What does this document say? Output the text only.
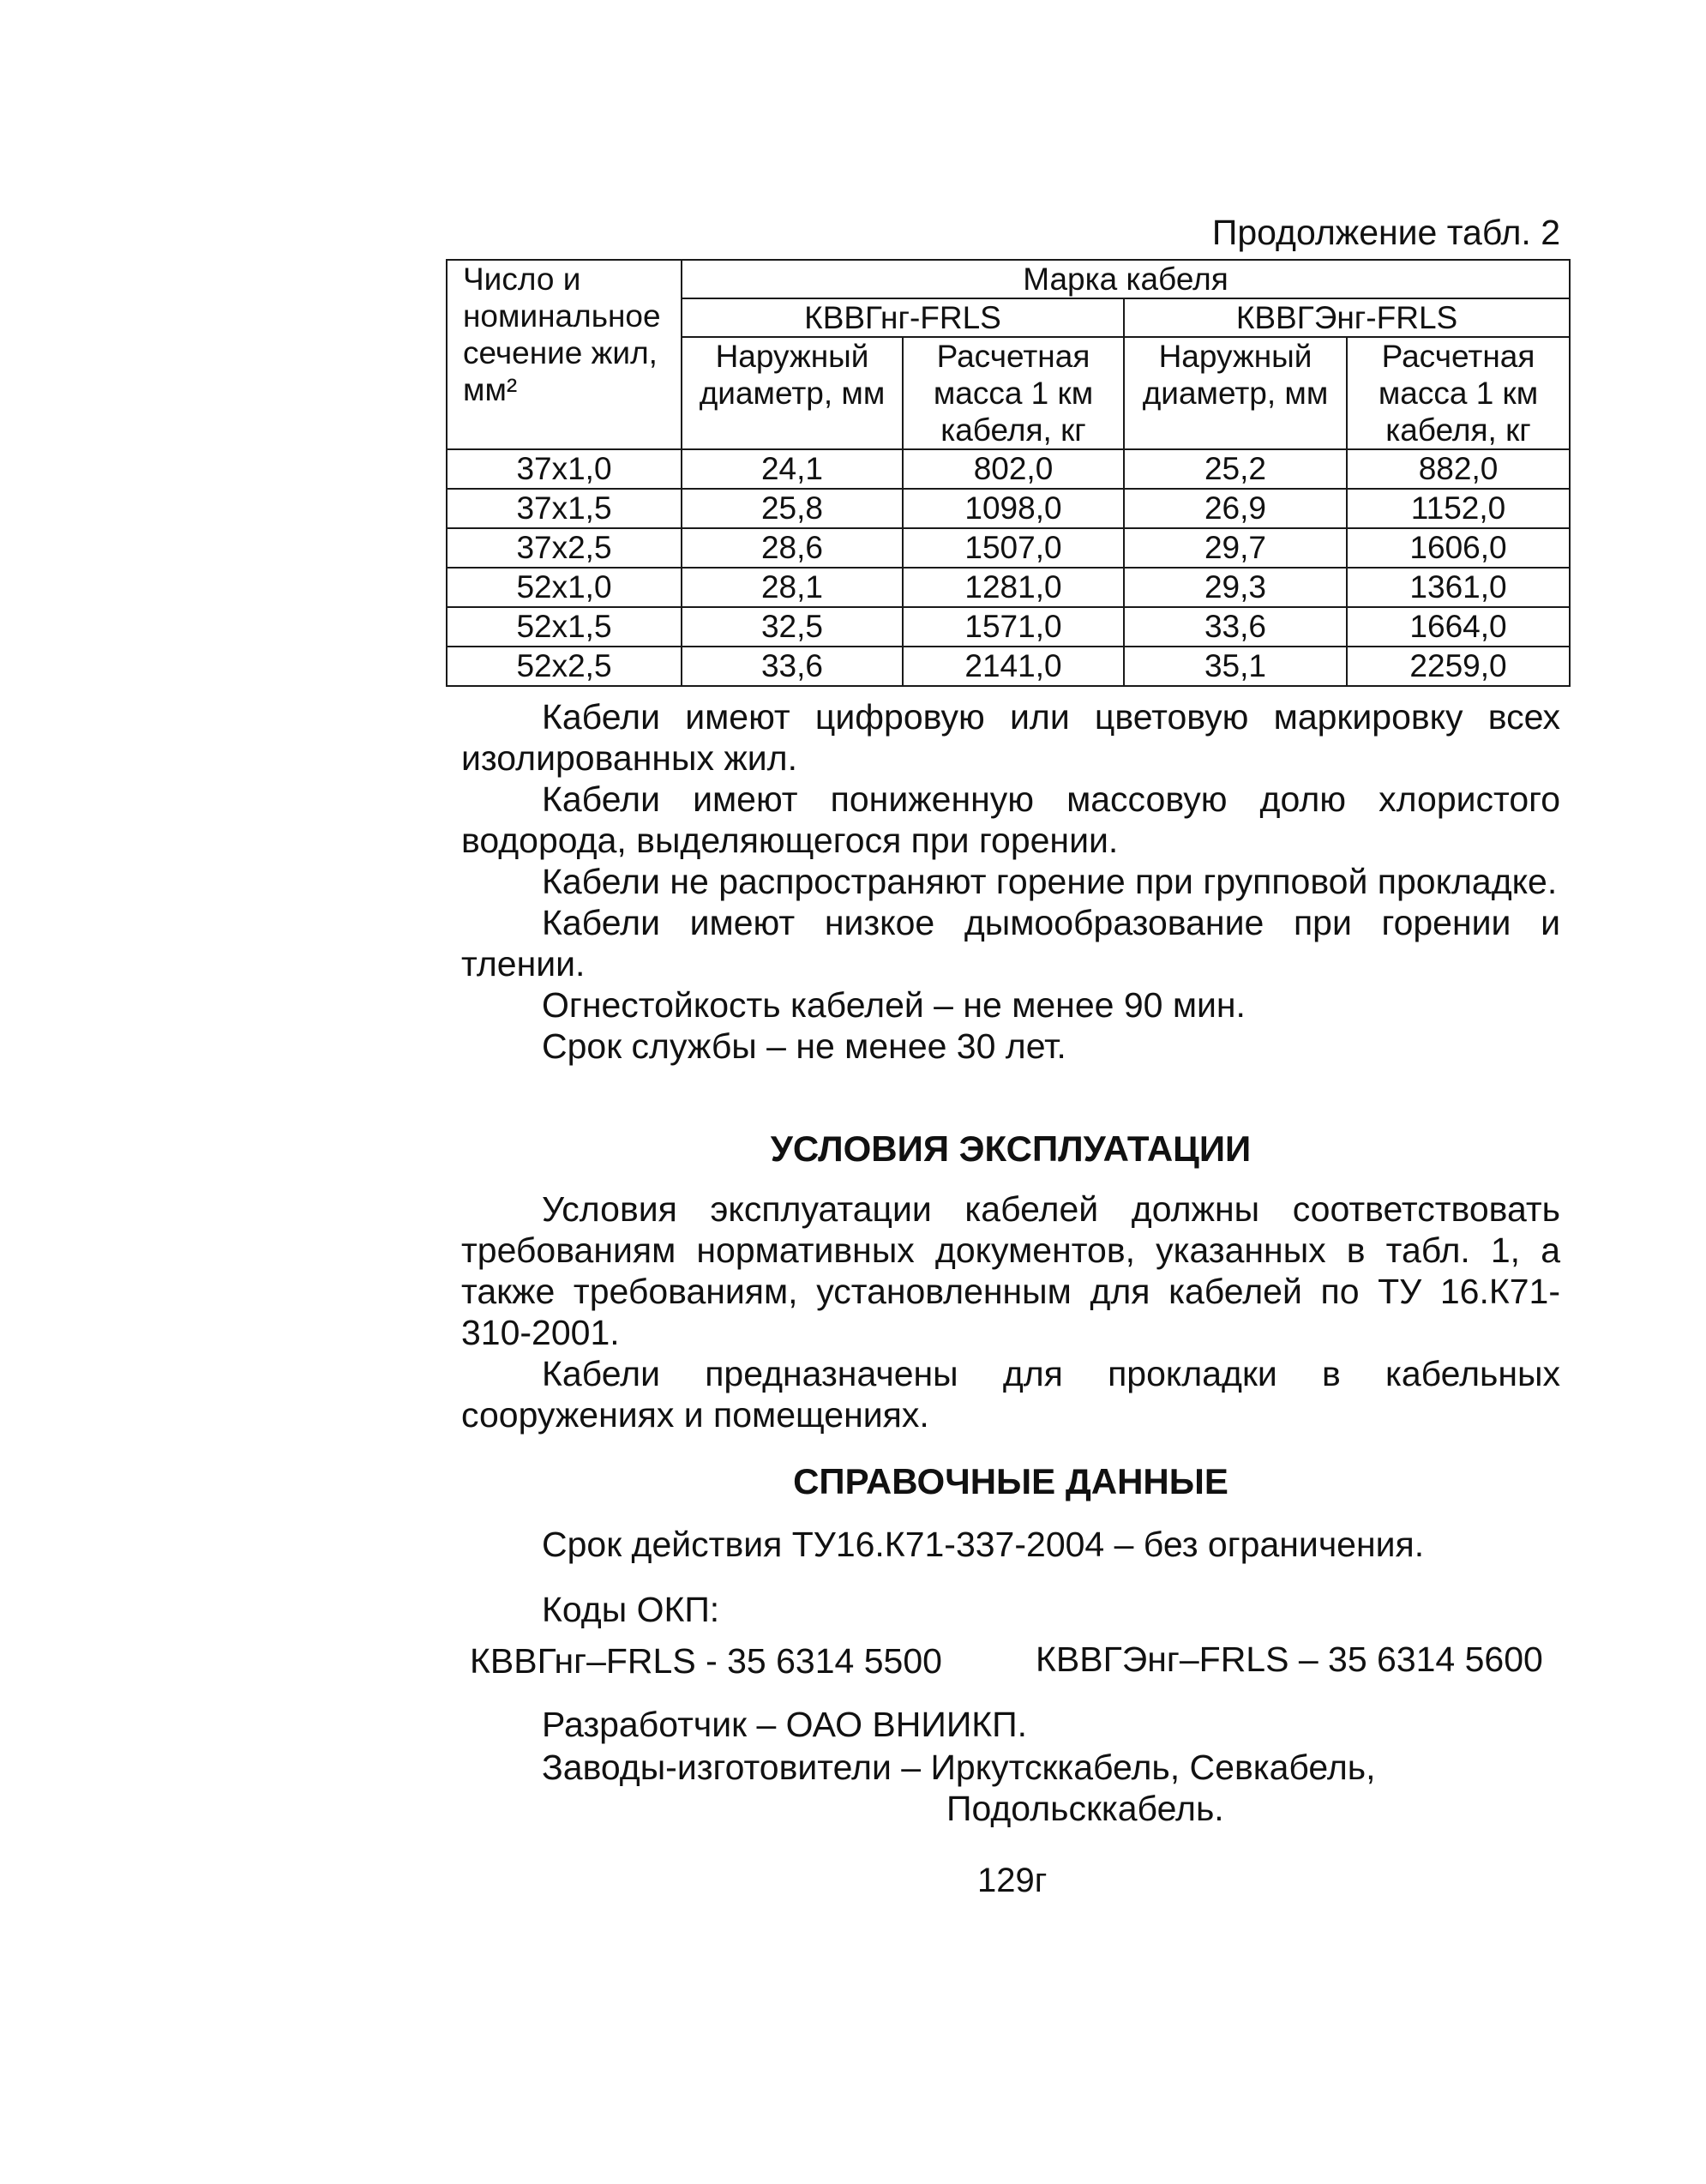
Продолжение табл. 2
Число и номинальное сечение жил, мм²	Марка кабеля			
	КВВГнг-FRLS		КВВГЭнг-FRLS	
	Наружный диаметр, мм	Расчетная масса 1 км кабеля, кг	Наружный диаметр, мм	Расчетная масса 1 км кабеля, кг
37x1,0	24,1	802,0	25,2	882,0
37x1,5	25,8	1098,0	26,9	1152,0
37x2,5	28,6	1507,0	29,7	1606,0
52x1,0	28,1	1281,0	29,3	1361,0
52x1,5	32,5	1571,0	33,6	1664,0
52x2,5	33,6	2141,0	35,1	2259,0

Кабели имеют цифровую или цветовую маркировку всех изолированных жил.

Кабели имеют пониженную массовую долю хлористого водорода, выделяющегося при горении.

Кабели не распространяют горение при групповой прокладке.

Кабели имеют низкое дымообразование при горении и тлении.

Огнестойкость кабелей – не менее 90 мин.

Срок службы – не менее 30 лет.

УСЛОВИЯ ЭКСПЛУАТАЦИИ

Условия эксплуатации кабелей должны соответствовать требованиям нормативных документов, указанных в табл. 1, а также требованиям, установленным для кабелей по ТУ 16.К71-310-2001.

Кабели предназначены для прокладки в кабельных сооружениях и помещениях.

СПРАВОЧНЫЕ ДАННЫЕ
Срок действия ТУ16.К71-337-2004 – без ограничения.
Коды ОКП:
КВВГнг–FRLS - 35 6314 5500	КВВГЭнг–FRLS – 35 6314 5600
Разработчик – ОАО ВНИИКП.
Заводы-изготовители – Иркутсккабель, Севкабель,
Подольсккабель.
129г
